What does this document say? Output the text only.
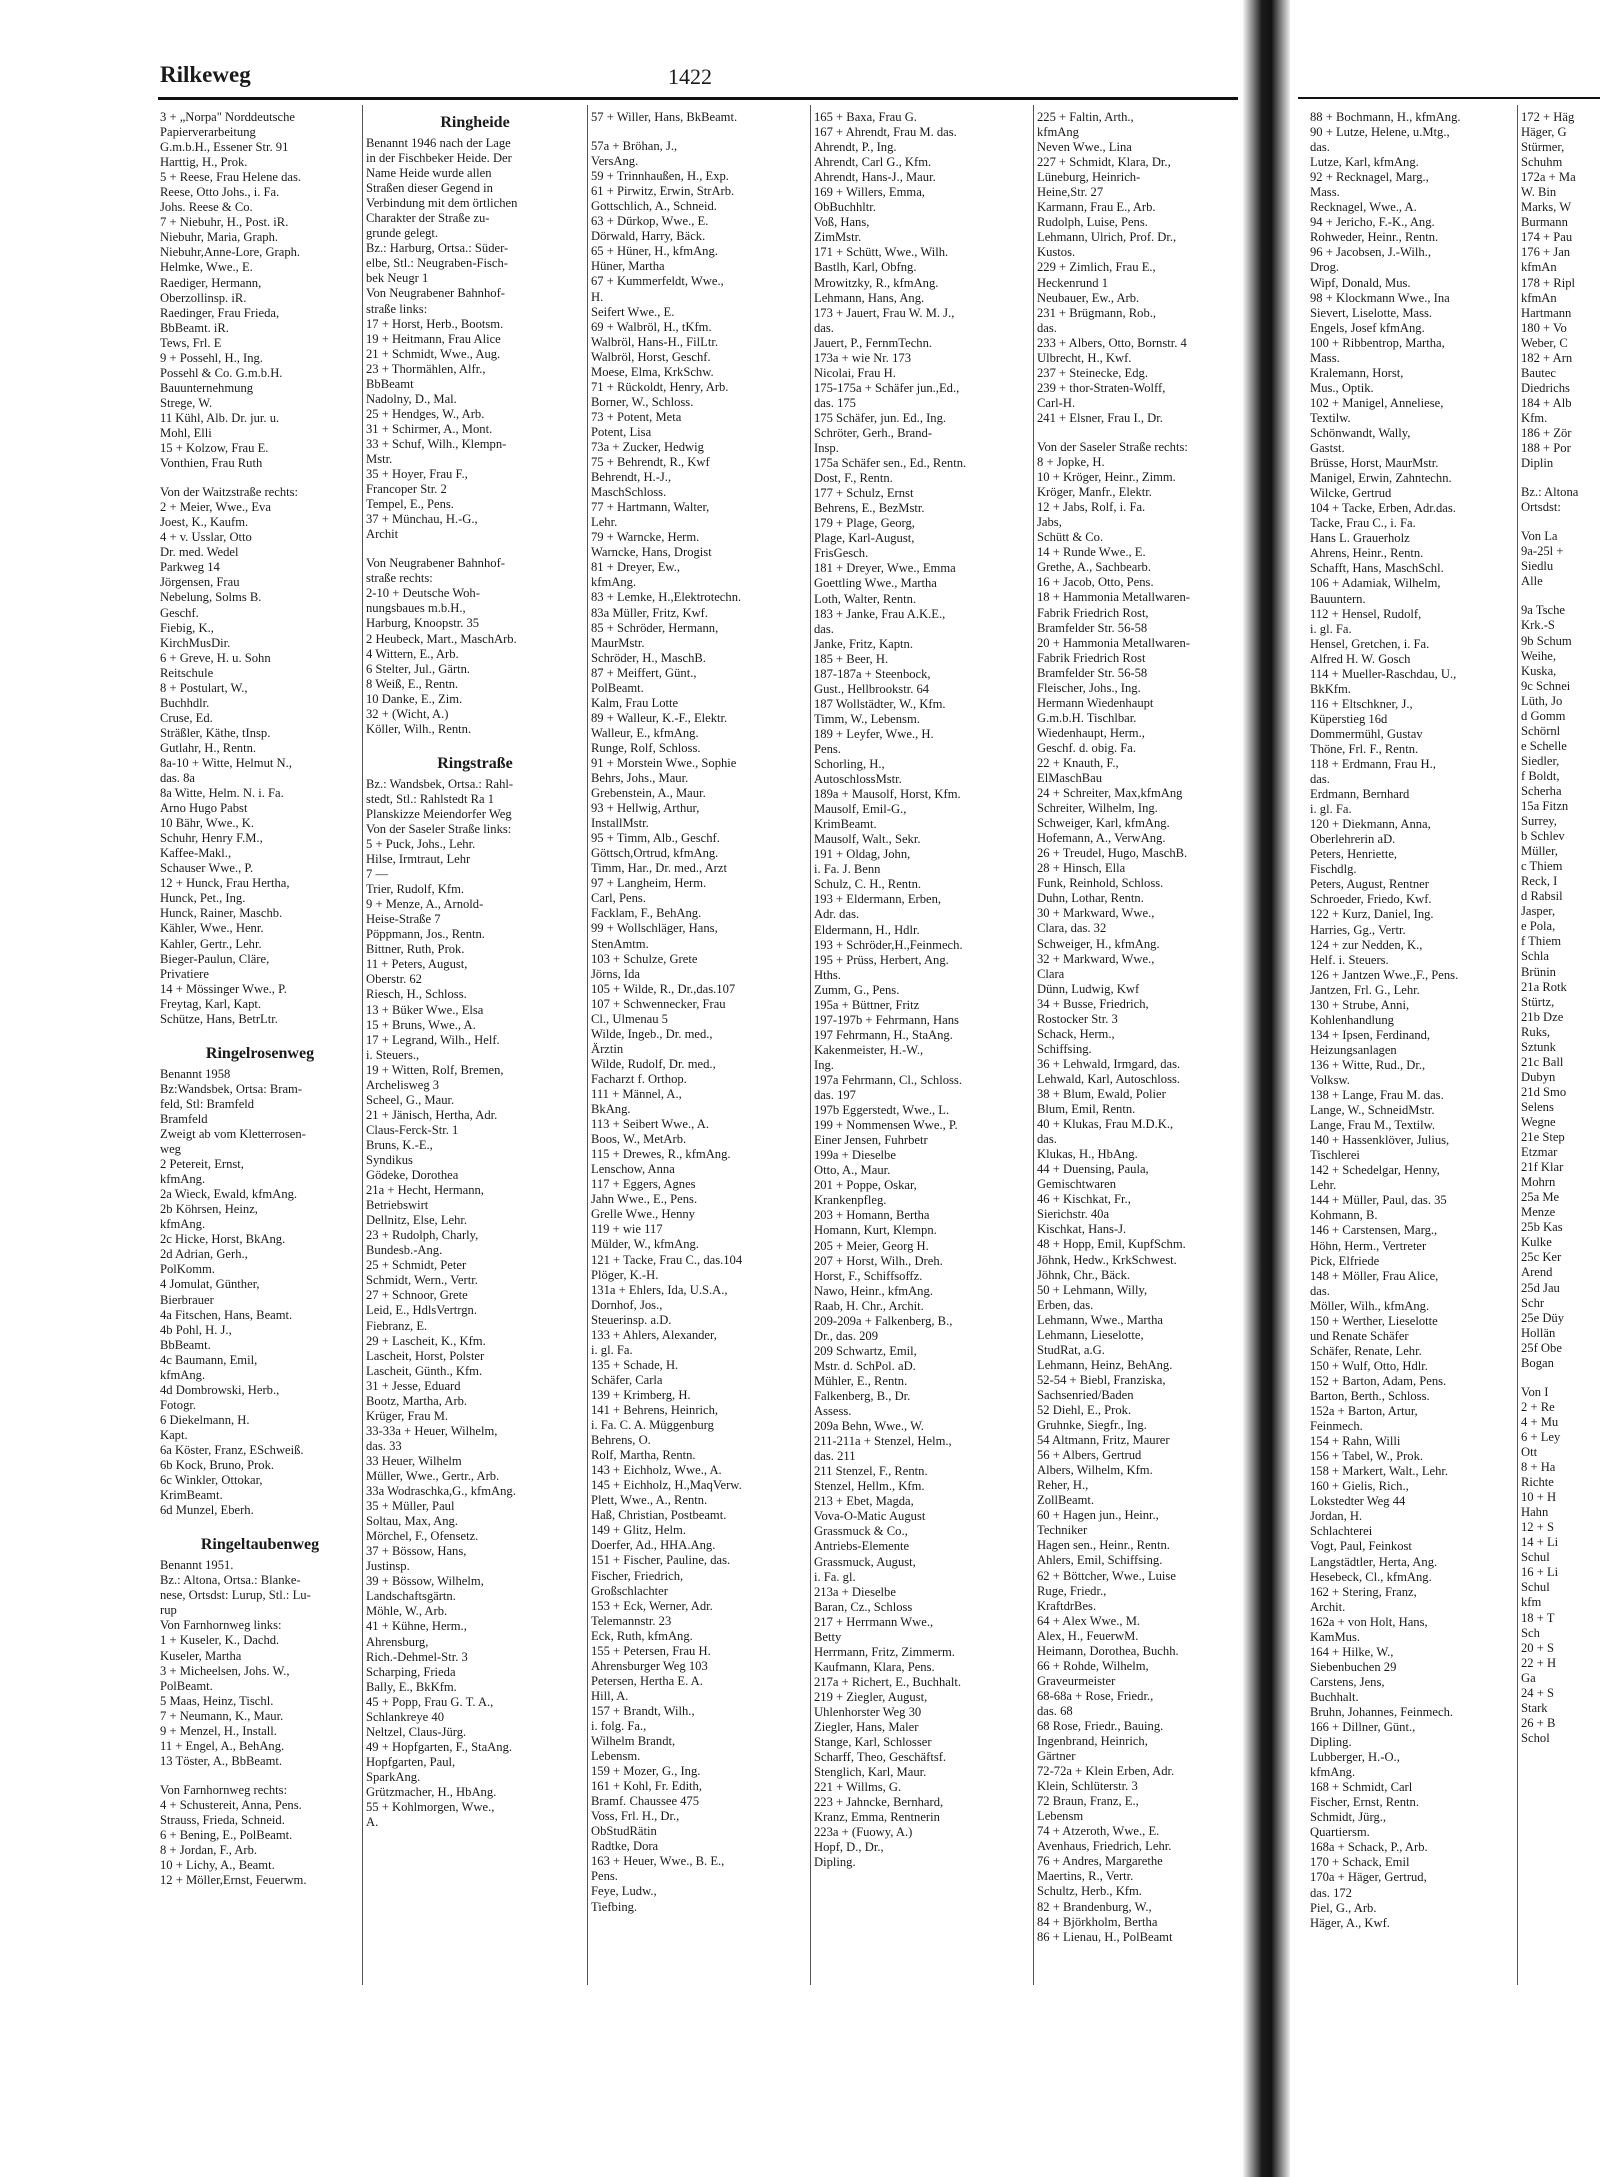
Rilkeweg	1422
3 + „Norpa" Norddeutsche
Papierverarbeitung
G.m.b.H., Essener Str. 91
Harttig, H., Prok.
5 + Reese, Frau Helene das.
Reese, Otto Johs., i. Fa.
Johs. Reese & Co.
7 + Niebuhr, H., Post. iR.
Niebuhr, Maria, Graph.
Niebuhr,Anne-Lore, Graph.
Helmke, Wwe., E.
Raediger, Hermann,
Oberzollinsp. iR.
Raedinger, Frau Frieda,
BbBeamt. iR.
Tews, Frl. E
9 + Possehl, H., Ing.
Possehl & Co. G.m.b.H.
Bauunternehmung
Strege, W.
11 Kühl, Alb. Dr. jur. u.
Mohl, Elli
15 + Kolzow, Frau E.
Vonthien, Frau Ruth
Von der Waitzstraße rechts:
2 + Meier, Wwe., Eva
Joest, K., Kaufm.
4 + v. Usslar, Otto
Dr. med. Wedel
Parkweg 14
Jörgensen, Frau
Nebelung, Solms B.
Geschf.
Fiebig, K.,
KirchMusDir.
6 + Greve, H. u. Sohn
Reitschule
8 + Postulart, W.,
Buchhdlr.
Cruse, Ed.
Sträßler, Käthe, tInsp.
Gutlahr, H., Rentn.
8a-10 + Witte, Helmut N.,
das. 8a
8a Witte, Helm. N. i. Fa.
Arno Hugo Pabst
10 Bähr, Wwe., K.
Schuhr, Henry F.M.,
Kaffee-Makl.,
Schauser Wwe., P.
12 + Hunck, Frau Hertha,
Hunck, Pet., Ing.
Hunck, Rainer, Maschb.
Kähler, Wwe., Henr.
Kahler, Gertr., Lehr.
Bieger-Paulun, Cläre,
Privatiere
14 + Mössinger Wwe., P.
Freytag, Karl, Kapt.
Schütze, Hans, BetrLtr.
Ringelrosenweg
Benannt 1958
Bz:Wandsbek, Ortsa: Bram-
feld, Stl: Bramfeld
Bramfeld
Zweigt ab vom Kletterrosen-
weg
2 Petereit, Ernst,
kfmAng.
2a Wieck, Ewald, kfmAng.
2b Köhrsen, Heinz,
kfmAng.
2c Hicke, Horst, BkAng.
2d Adrian, Gerh.,
PolKomm.
4 Jomulat, Günther,
Bierbrauer
4a Fitschen, Hans, Beamt.
4b Pohl, H. J.,
BbBeamt.
4c Baumann, Emil,
kfmAng.
4d Dombrowski, Herb.,
Fotogr.
6 Diekelmann, H.
Kapt.
6a Köster, Franz, ESchweiß.
6b Kock, Bruno, Prok.
6c Winkler, Ottokar,
KrimBeamt.
6d Munzel, Eberh.
Ringeltaubenweg
Benannt 1951.
Bz.: Altona, Ortsa.: Blanke-
nese, Ortsdst: Lurup, Stl.: Lu-
rup
Von Farnhornweg links:
1 + Kuseler, K., Dachd.
Kuseler, Martha
3 + Micheelsen, Johs. W.,
PolBeamt.
5 Maas, Heinz, Tischl.
7 + Neumann, K., Maur.
9 + Menzel, H., Install.
11 + Engel, A., BehAng.
13 Töster, A., BbBeamt.
Von Farnhornweg rechts:
4 + Schustereit, Anna, Pens.
Strauss, Frieda, Schneid.
6 + Bening, E., PolBeamt.
8 + Jordan, F., Arb.
10 + Lichy, A., Beamt.
12 + Möller,Ernst, Feuerwm.
Ringheide
Benannt 1946 nach der Lage
in der Fischbeker Heide. Der
Name Heide wurde allen
Straßen dieser Gegend in
Verbindung mit dem örtlichen
Charakter der Straße zu-
grunde gelegt.
Bz.: Harburg, Ortsa.: Süder-
elbe, Stl.: Neugraben-Fisch-
bek Neugr 1
Von Neugrabener Bahnhof-
straße links:
17 + Horst, Herb., Bootsm.
19 + Heitmann, Frau Alice
21 + Schmidt, Wwe., Aug.
23 + Thormählen, Alfr.,
BbBeamt
Nadolny, D., Mal.
25 + Hendges, W., Arb.
31 + Schirmer, A., Mont.
33 + Schuf, Wilh., Klempn-
Mstr.
35 + Hoyer, Frau F.,
Francoper Str. 2
Tempel, E., Pens.
37 + Münchau, H.-G.,
Archit
Von Neugrabener Bahnhof-
straße rechts:
2-10 + Deutsche Woh-
nungsbaues m.b.H.,
Harburg, Knoopstr. 35
2 Heubeck, Mart., MaschArb.
4 Wittern, E., Arb.
6 Stelter, Jul., Gärtn.
8 Weiß, E., Rentn.
10 Danke, E., Zim.
32 + (Wicht, A.)
Köller, Wilh., Rentn.
Ringstraße
Bz.: Wandsbek, Ortsa.: Rahl-
stedt, Stl.: Rahlstedt Ra 1
Planskizze Meiendorfer Weg
Von der Saseler Straße links:
5 + Puck, Johs., Lehr.
Hilse, Irmtraut, Lehr
7 —
Trier, Rudolf, Kfm.
9 + Menze, A., Arnold-
Heise-Straße 7
Pöppmann, Jos., Rentn.
Bittner, Ruth, Prok.
11 + Peters, August,
Oberstr. 62
Riesch, H., Schloss.
13 + Büker Wwe., Elsa
15 + Bruns, Wwe., A.
17 + Legrand, Wilh., Helf.
i. Steuers.,
19 + Witten, Rolf, Bremen,
Archelisweg 3
Scheel, G., Maur.
21 + Jänisch, Hertha, Adr.
Claus-Ferck-Str. 1
Bruns, K.-E.,
Syndikus
Gödeke, Dorothea
21a + Hecht, Hermann,
Betriebswirt
Dellnitz, Else, Lehr.
23 + Rudolph, Charly,
Bundesb.-Ang.
25 + Schmidt, Peter
Schmidt, Wern., Vertr.
27 + Schnoor, Grete
Leid, E., HdlsVertrgn.
Fiebranz, E.
29 + Lascheit, K., Kfm.
Lascheit, Horst, Polster
Lascheit, Günth., Kfm.
31 + Jesse, Eduard
Bootz, Martha, Arb.
Krüger, Frau M.
33-33a + Heuer, Wilhelm,
das. 33
33 Heuer, Wilhelm
Müller, Wwe., Gertr., Arb.
33a Wodraschka,G., kfmAng.
35 + Müller, Paul
Soltau, Max, Ang.
Mörchel, F., Ofensetz.
37 + Bössow, Hans,
Justinsp.
39 + Bössow, Wilhelm,
Landschaftsgärtn.
Möhle, W., Arb.
41 + Kühne, Herm.,
Ahrensburg,
Rich.-Dehmel-Str. 3
Scharping, Frieda
Bally, E., BkKfm.
45 + Popp, Frau G. T. A.,
Schlankreye 40
Neltzel, Claus-Jürg.
49 + Hopfgarten, F., StaAng.
Hopfgarten, Paul,
SparkAng.
Grützmacher, H., HbAng.
55 + Kohlmorgen, Wwe.,
A.
57 + Willer, Hans, BkBeamt.
57a + Bröhan, J.,
VersAng.
59 + Trinnhaußen, H., Exp.
61 + Pirwitz, Erwin, StrArb.
Gottschlich, A., Schneid.
63 + Dürkop, Wwe., E.
Dörwald, Harry, Bäck.
65 + Hüner, H., kfmAng.
Hüner, Martha
67 + Kummerfeldt, Wwe.,
H.
Seifert Wwe., E.
69 + Walbröl, H., tKfm.
Walbröl, Hans-H., FilLtr.
Walbröl, Horst, Geschf.
Moese, Elma, KrkSchw.
71 + Rückoldt, Henry, Arb.
Borner, W., Schloss.
73 + Potent, Meta
Potent, Lisa
73a + Zucker, Hedwig
75 + Behrendt, R., Kwf
Behrendt, H.-J.,
MaschSchloss.
77 + Hartmann, Walter,
Lehr.
79 + Warncke, Herm.
Warncke, Hans, Drogist
81 + Dreyer, Ew.,
kfmAng.
83 + Lemke, H.,Elektrotechn.
83a Müller, Fritz, Kwf.
85 + Schröder, Hermann,
MaurMstr.
Schröder, H., MaschB.
87 + Meiffert, Günt.,
PolBeamt.
Kalm, Frau Lotte
89 + Walleur, K.-F., Elektr.
Walleur, E., kfmAng.
Runge, Rolf, Schloss.
91 + Morstein Wwe., Sophie
Behrs, Johs., Maur.
Grebenstein, A., Maur.
93 + Hellwig, Arthur,
InstallMstr.
95 + Timm, Alb., Geschf.
Göttsch,Ortrud, kfmAng.
Timm, Har., Dr. med., Arzt
97 + Langheim, Herm.
Carl, Pens.
Facklam, F., BehAng.
99 + Wollschläger, Hans,
StenAmtm.
103 + Schulze, Grete
Jörns, Ida
105 + Wilde, R., Dr.,das.107
107 + Schwennecker, Frau
Cl., Ulmenau 5
Wilde, Ingeb., Dr. med.,
Ärztin
Wilde, Rudolf, Dr. med.,
Facharzt f. Orthop.
111 + Männel, A.,
BkAng.
113 + Seibert Wwe., A.
Boos, W., MetArb.
115 + Drewes, R., kfmAng.
Lenschow, Anna
117 + Eggers, Agnes
Jahn Wwe., E., Pens.
Grelle Wwe., Henny
119 + wie 117
Mülder, W., kfmAng.
121 + Tacke, Frau C., das.104
Plöger, K.-H.
131a + Ehlers, Ida, U.S.A.,
Dornhof, Jos.,
Steuerinsp. a.D.
133 + Ahlers, Alexander,
i. gl. Fa.
135 + Schade, H.
Schäfer, Carla
139 + Krimberg, H.
141 + Behrens, Heinrich,
i. Fa. C. A. Müggenburg
Behrens, O.
Rolf, Martha, Rentn.
143 + Eichholz, Wwe., A.
145 + Eichholz, H.,MaqVerw.
Plett, Wwe., A., Rentn.
Haß, Christian, Postbeamt.
149 + Glitz, Helm.
Doerfer, Ad., HHA.Ang.
151 + Fischer, Pauline, das.
Fischer, Friedrich,
Großschlachter
153 + Eck, Werner, Adr.
Telemannstr. 23
Eck, Ruth, kfmAng.
155 + Petersen, Frau H.
Ahrensburger Weg 103
Petersen, Hertha E. A.
Hill, A.
157 + Brandt, Wilh.,
i. folg. Fa.,
Wilhelm Brandt,
Lebensm.
159 + Mozer, G., Ing.
161 + Kohl, Fr. Edith,
Bramf. Chaussee 475
Voss, Frl. H., Dr.,
ObStudRätin
Radtke, Dora
163 + Heuer, Wwe., B. E.,
Pens.
Feye, Ludw.,
Tiefbing.
165 + Baxa, Frau G.
167 + Ahrendt, Frau M. das.
Ahrendt, P., Ing.
Ahrendt, Carl G., Kfm.
Ahrendt, Hans-J., Maur.
169 + Willers, Emma,
ObBuchhltr.
Voß, Hans,
ZimMstr.
171 + Schütt, Wwe., Wilh.
Bastlh, Karl, Obfng.
Mrowitzky, R., kfmAng.
Lehmann, Hans, Ang.
173 + Jauert, Frau W. M. J.,
das.
Jauert, P., FernmTechn.
173a + wie Nr. 173
Nicolai, Frau H.
175-175a + Schäfer jun.,Ed.,
das. 175
175 Schäfer, jun. Ed., Ing.
Schröter, Gerh., Brand-
Insp.
175a Schäfer sen., Ed., Rentn.
Dost, F., Rentn.
177 + Schulz, Ernst
Behrens, E., BezMstr.
179 + Plage, Georg,
Plage, Karl-August,
FrisGesch.
181 + Dreyer, Wwe., Emma
Goettling Wwe., Martha
Loth, Walter, Rentn.
183 + Janke, Frau A.K.E.,
das.
Janke, Fritz, Kaptn.
185 + Beer, H.
187-187a + Steenbock,
Gust., Hellbrookstr. 64
187 Wollstädter, W., Kfm.
Timm, W., Lebensm.
189 + Leyfer, Wwe., H.
Pens.
Schorling, H.,
AutoschlossMstr.
189a + Mausolf, Horst, Kfm.
Mausolf, Emil-G.,
KrimBeamt.
Mausolf, Walt., Sekr.
191 + Oldag, John,
i. Fa. J. Benn
Schulz, C. H., Rentn.
193 + Eldermann, Erben,
Adr. das.
Eldermann, H., Hdlr.
193 + Schröder,H.,Feinmech.
195 + Prüss, Herbert, Ang.
Hths.
Zumm, G., Pens.
195a + Büttner, Fritz
197-197b + Fehrmann, Hans
197 Fehrmann, H., StaAng.
Kakenmeister, H.-W.,
Ing.
197a Fehrmann, Cl., Schloss.
das. 197
197b Eggerstedt, Wwe., L.
199 + Nommensen Wwe., P.
Einer Jensen, Fuhrbetr
199a + Dieselbe
Otto, A., Maur.
201 + Poppe, Oskar,
Krankenpfleg.
203 + Homann, Bertha
Homann, Kurt, Klempn.
205 + Meier, Georg H.
207 + Horst, Wilh., Dreh.
Horst, F., Schiffsoffz.
Nawo, Heinr., kfmAng.
Raab, H. Chr., Archit.
209-209a + Falkenberg, B.,
Dr., das. 209
209 Schwartz, Emil,
Mstr. d. SchPol. aD.
Mühler, E., Rentn.
Falkenberg, B., Dr.
Assess.
209a Behn, Wwe., W.
211-211a + Stenzel, Helm.,
das. 211
211 Stenzel, F., Rentn.
Stenzel, Hellm., Kfm.
213 + Ebet, Magda,
Vova-O-Matic August
Grassmuck & Co.,
Antriebs-Elemente
Grassmuck, August,
i. Fa. gl.
213a + Dieselbe
Baran, Cz., Schloss
217 + Herrmann Wwe.,
Betty
Herrmann, Fritz, Zimmerm.
Kaufmann, Klara, Pens.
217a + Richert, E., Buchhalt.
219 + Ziegler, August,
Uhlenhorster Weg 30
Ziegler, Hans, Maler
Stange, Karl, Schlosser
Scharff, Theo, Geschäftsf.
Stenglich, Karl, Maur.
221 + Willms, G.
223 + Jahncke, Bernhard,
Kranz, Emma, Rentnerin
223a + (Fuowy, A.)
Hopf, D., Dr.,
Dipling.
225 + Faltin, Arth.,
kfmAng
Neven Wwe., Lina
227 + Schmidt, Klara, Dr.,
Lüneburg, Heinrich-
Heine,Str. 27
Karmann, Frau E., Arb.
Rudolph, Luise, Pens.
Lehmann, Ulrich, Prof. Dr.,
Kustos.
229 + Zimlich, Frau E.,
Heckenrund 1
Neubauer, Ew., Arb.
231 + Brügmann, Rob.,
das.
233 + Albers, Otto, Bornstr. 4
Ulbrecht, H., Kwf.
237 + Steinecke, Edg.
239 + thor-Straten-Wolff,
Carl-H.
241 + Elsner, Frau I., Dr.
Von der Saseler Straße rechts:
8 + Jopke, H.
10 + Kröger, Heinr., Zimm.
Kröger, Manfr., Elektr.
12 + Jabs, Rolf, i. Fa.
Jabs,
Schütt & Co.
14 + Runde Wwe., E.
Grethe, A., Sachbearb.
16 + Jacob, Otto, Pens.
18 + Hammonia Metallwaren-
Fabrik Friedrich Rost,
Bramfelder Str. 56-58
20 + Hammonia Metallwaren-
Fabrik Friedrich Rost
Bramfelder Str. 56-58
Fleischer, Johs., Ing.
Hermann Wiedenhaupt
G.m.b.H. Tischlbar.
Wiedenhaupt, Herm.,
Geschf. d. obig. Fa.
22 + Knauth, F.,
ElMaschBau
24 + Schreiter, Max,kfmAng
Schreiter, Wilhelm, Ing.
Schweiger, Karl, kfmAng.
Hofemann, A., VerwAng.
26 + Treudel, Hugo, MaschB.
28 + Hinsch, Ella
Funk, Reinhold, Schloss.
Duhn, Lothar, Rentn.
30 + Markward, Wwe.,
Clara, das. 32
Schweiger, H., kfmAng.
32 + Markward, Wwe.,
Clara
Dünn, Ludwig, Kwf
34 + Busse, Friedrich,
Rostocker Str. 3
Schack, Herm.,
Schiffsing.
36 + Lehwald, Irmgard, das.
Lehwald, Karl, Autoschloss.
38 + Blum, Ewald, Polier
Blum, Emil, Rentn.
40 + Klukas, Frau M.D.K.,
das.
Klukas, H., HbAng.
44 + Duensing, Paula,
Gemischtwaren
46 + Kischkat, Fr.,
Sierichstr. 40a
Kischkat, Hans-J.
48 + Hopp, Emil, KupfSchm.
Jöhnk, Hedw., KrkSchwest.
Jöhnk, Chr., Bäck.
50 + Lehmann, Willy,
Erben, das.
Lehmann, Wwe., Martha
Lehmann, Lieselotte,
StudRat, a.G.
Lehmann, Heinz, BehAng.
52-54 + Biebl, Franziska,
Sachsenried/Baden
52 Diehl, E., Prok.
Gruhnke, Siegfr., Ing.
54 Altmann, Fritz, Maurer
56 + Albers, Gertrud
Albers, Wilhelm, Kfm.
Reher, H.,
ZollBeamt.
60 + Hagen jun., Heinr.,
Techniker
Hagen sen., Heinr., Rentn.
Ahlers, Emil, Schiffsing.
62 + Böttcher, Wwe., Luise
Ruge, Friedr.,
KraftdrBes.
64 + Alex Wwe., M.
Alex, H., FeuerwM.
Heimann, Dorothea, Buchh.
66 + Rohde, Wilhelm,
Graveurmeister
68-68a + Rose, Friedr.,
das. 68
68 Rose, Friedr., Bauing.
Ingenbrand, Heinrich,
Gärtner
72-72a + Klein Erben, Adr.
Klein, Schlüterstr. 3
72 Braun, Franz, E.,
Lebensm
74 + Atzeroth, Wwe., E.
Avenhaus, Friedrich, Lehr.
76 + Andres, Margarethe
Maertins, R., Vertr.
Schultz, Herb., Kfm.
82 + Brandenburg, W.,
84 + Björkholm, Bertha
86 + Lienau, H., PolBeamt
88 + Bochmann, H., kfmAng.
90 + Lutze, Helene, u.Mtg.,
das.
Lutze, Karl, kfmAng.
92 + Recknagel, Marg.,
Mass.
Recknagel, Wwe., A.
94 + Jericho, F.-K., Ang.
Rohweder, Heinr., Rentn.
96 + Jacobsen, J.-Wilh.,
Drog.
Wipf, Donald, Mus.
98 + Klockmann Wwe., Ina
Sievert, Liselotte, Mass.
Engels, Josef kfmAng.
100 + Ribbentrop, Martha,
Mass.
Kralemann, Horst,
Mus., Optik.
102 + Manigel, Anneliese,
Textilw.
Schönwandt, Wally,
Gastst.
Brüsse, Horst, MaurMstr.
Manigel, Erwin, Zahntechn.
Wilcke, Gertrud
104 + Tacke, Erben, Adr.das.
Tacke, Frau C., i. Fa.
Hans L. Grauerholz
Ahrens, Heinr., Rentn.
Schafft, Hans, MaschSchl.
106 + Adamiak, Wilhelm,
Bauuntern.
112 + Hensel, Rudolf,
i. gl. Fa.
Hensel, Gretchen, i. Fa.
Alfred H. W. Gosch
114 + Mueller-Raschdau, U.,
BkKfm.
116 + Eltschkner, J.,
Küperstieg 16d
Dommermühl, Gustav
Thöne, Frl. F., Rentn.
118 + Erdmann, Frau H.,
das.
Erdmann, Bernhard
i. gl. Fa.
120 + Diekmann, Anna,
Oberlehrerin aD.
Peters, Henriette,
Fischdlg.
Peters, August, Rentner
Schroeder, Friedo, Kwf.
122 + Kurz, Daniel, Ing.
Harries, Gg., Vertr.
124 + zur Nedden, K.,
Helf. i. Steuers.
126 + Jantzen Wwe.,F., Pens.
Jantzen, Frl. G., Lehr.
130 + Strube, Anni,
Kohlenhandlung
134 + Ipsen, Ferdinand,
Heizungsanlagen
136 + Witte, Rud., Dr.,
Volksw.
138 + Lange, Frau M. das.
Lange, W., SchneidMstr.
Lange, Frau M., Textilw.
140 + Hassenklöver, Julius,
Tischlerei
142 + Schedelgar, Henny,
Lehr.
144 + Müller, Paul, das. 35
Kohmann, B.
146 + Carstensen, Marg.,
Höhn, Herm., Vertreter
Pick, Elfriede
148 + Möller, Frau Alice,
das.
Möller, Wilh., kfmAng.
150 + Werther, Lieselotte
und Renate Schäfer
Schäfer, Renate, Lehr.
150 + Wulf, Otto, Hdlr.
152 + Barton, Adam, Pens.
Barton, Berth., Schloss.
152a + Barton, Artur,
Feinmech.
154 + Rahn, Willi
156 + Tabel, W., Prok.
158 + Markert, Walt., Lehr.
160 + Gielis, Rich.,
Lokstedter Weg 44
Jordan, H.
Schlachterei
Vogt, Paul, Feinkost
Langstädtler, Herta, Ang.
Hesebeck, Cl., kfmAng.
162 + Stering, Franz,
Archit.
162a + von Holt, Hans,
KamMus.
164 + Hilke, W.,
Siebenbuchen 29
Carstens, Jens,
Buchhalt.
Bruhn, Johannes, Feinmech.
166 + Dillner, Günt.,
Dipling.
Lubberger, H.-O.,
kfmAng.
168 + Schmidt, Carl
Fischer, Ernst, Rentn.
Schmidt, Jürg.,
Quartiersm.
168a + Schack, P., Arb.
170 + Schack, Emil
170a + Häger, Gertrud,
das. 172
Piel, G., Arb.
Häger, A., Kwf.
172 + Häg
Häger, G
Stürmer,
Schuhm
172a + Ma
W. Bin
Marks, W
Burmann
174 + Pau
176 + Jan
kfmAn
178 + Ripl
kfmAn
Hartmann
180 + Vo
Weber, C
182 + Arn
Bautec
Diedrichs
184 + Alb
Kfm.
186 + Zör
188 + Por
Diplin
Bz.: Altona
Ortsdst:
Von La
9a-25l +
Siedlu
Alle
9a Tsche
Krk.-S
9b Schum
Weihe,
Kuska,
9c Schnei
Lüth, Jo
d Gomm
Schörnl
e Schelle
Siedler,
f Boldt,
Scherha
15a Fitzn
Surrey,
b Schlev
Müller,
c Thiem
Reck, I
d Rabsil
Jasper,
e Pola,
f Thiem
Schla
Brünin
21a Rotk
Stürtz,
21b Dze
Ruks,
Sztunk
21c Ball
Dubyn
21d Smo
Selens
Wegne
21e Step
Etzmar
21f Klar
Mohrn
25a Me
Menze
25b Kas
Kulke
25c Ker
Arend
25d Jau
Schr
25e Düy
Hollän
25f Obe
Bogan
Von I
2 + Re
4 + Mu
6 + Ley
Ott
8 + Ha
Richte
10 + H
Hahn
12 + S
14 + Li
Schul
16 + Li
Schul
kfm
18 + T
Sch
20 + S
22 + H
Ga
24 + S
Stark
26 + B
Schol
